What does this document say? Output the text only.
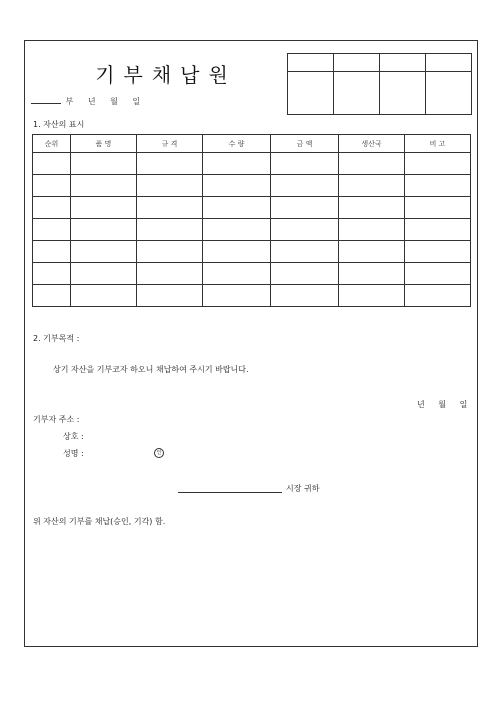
기부채납원

부 년 월 일
1. 자산의 표시
순위	품 명	규 격	수 량	금 액	생산국	비 고

2. 기부목적 :
상기 자산을 기부코자 하오니 채납하여 주시기 바랍니다.
년 월 일
기부자 주소 :
상호 :
성명 :	인
시장 귀하
위 자산의 기부를 채납(승인, 기각) 함.
